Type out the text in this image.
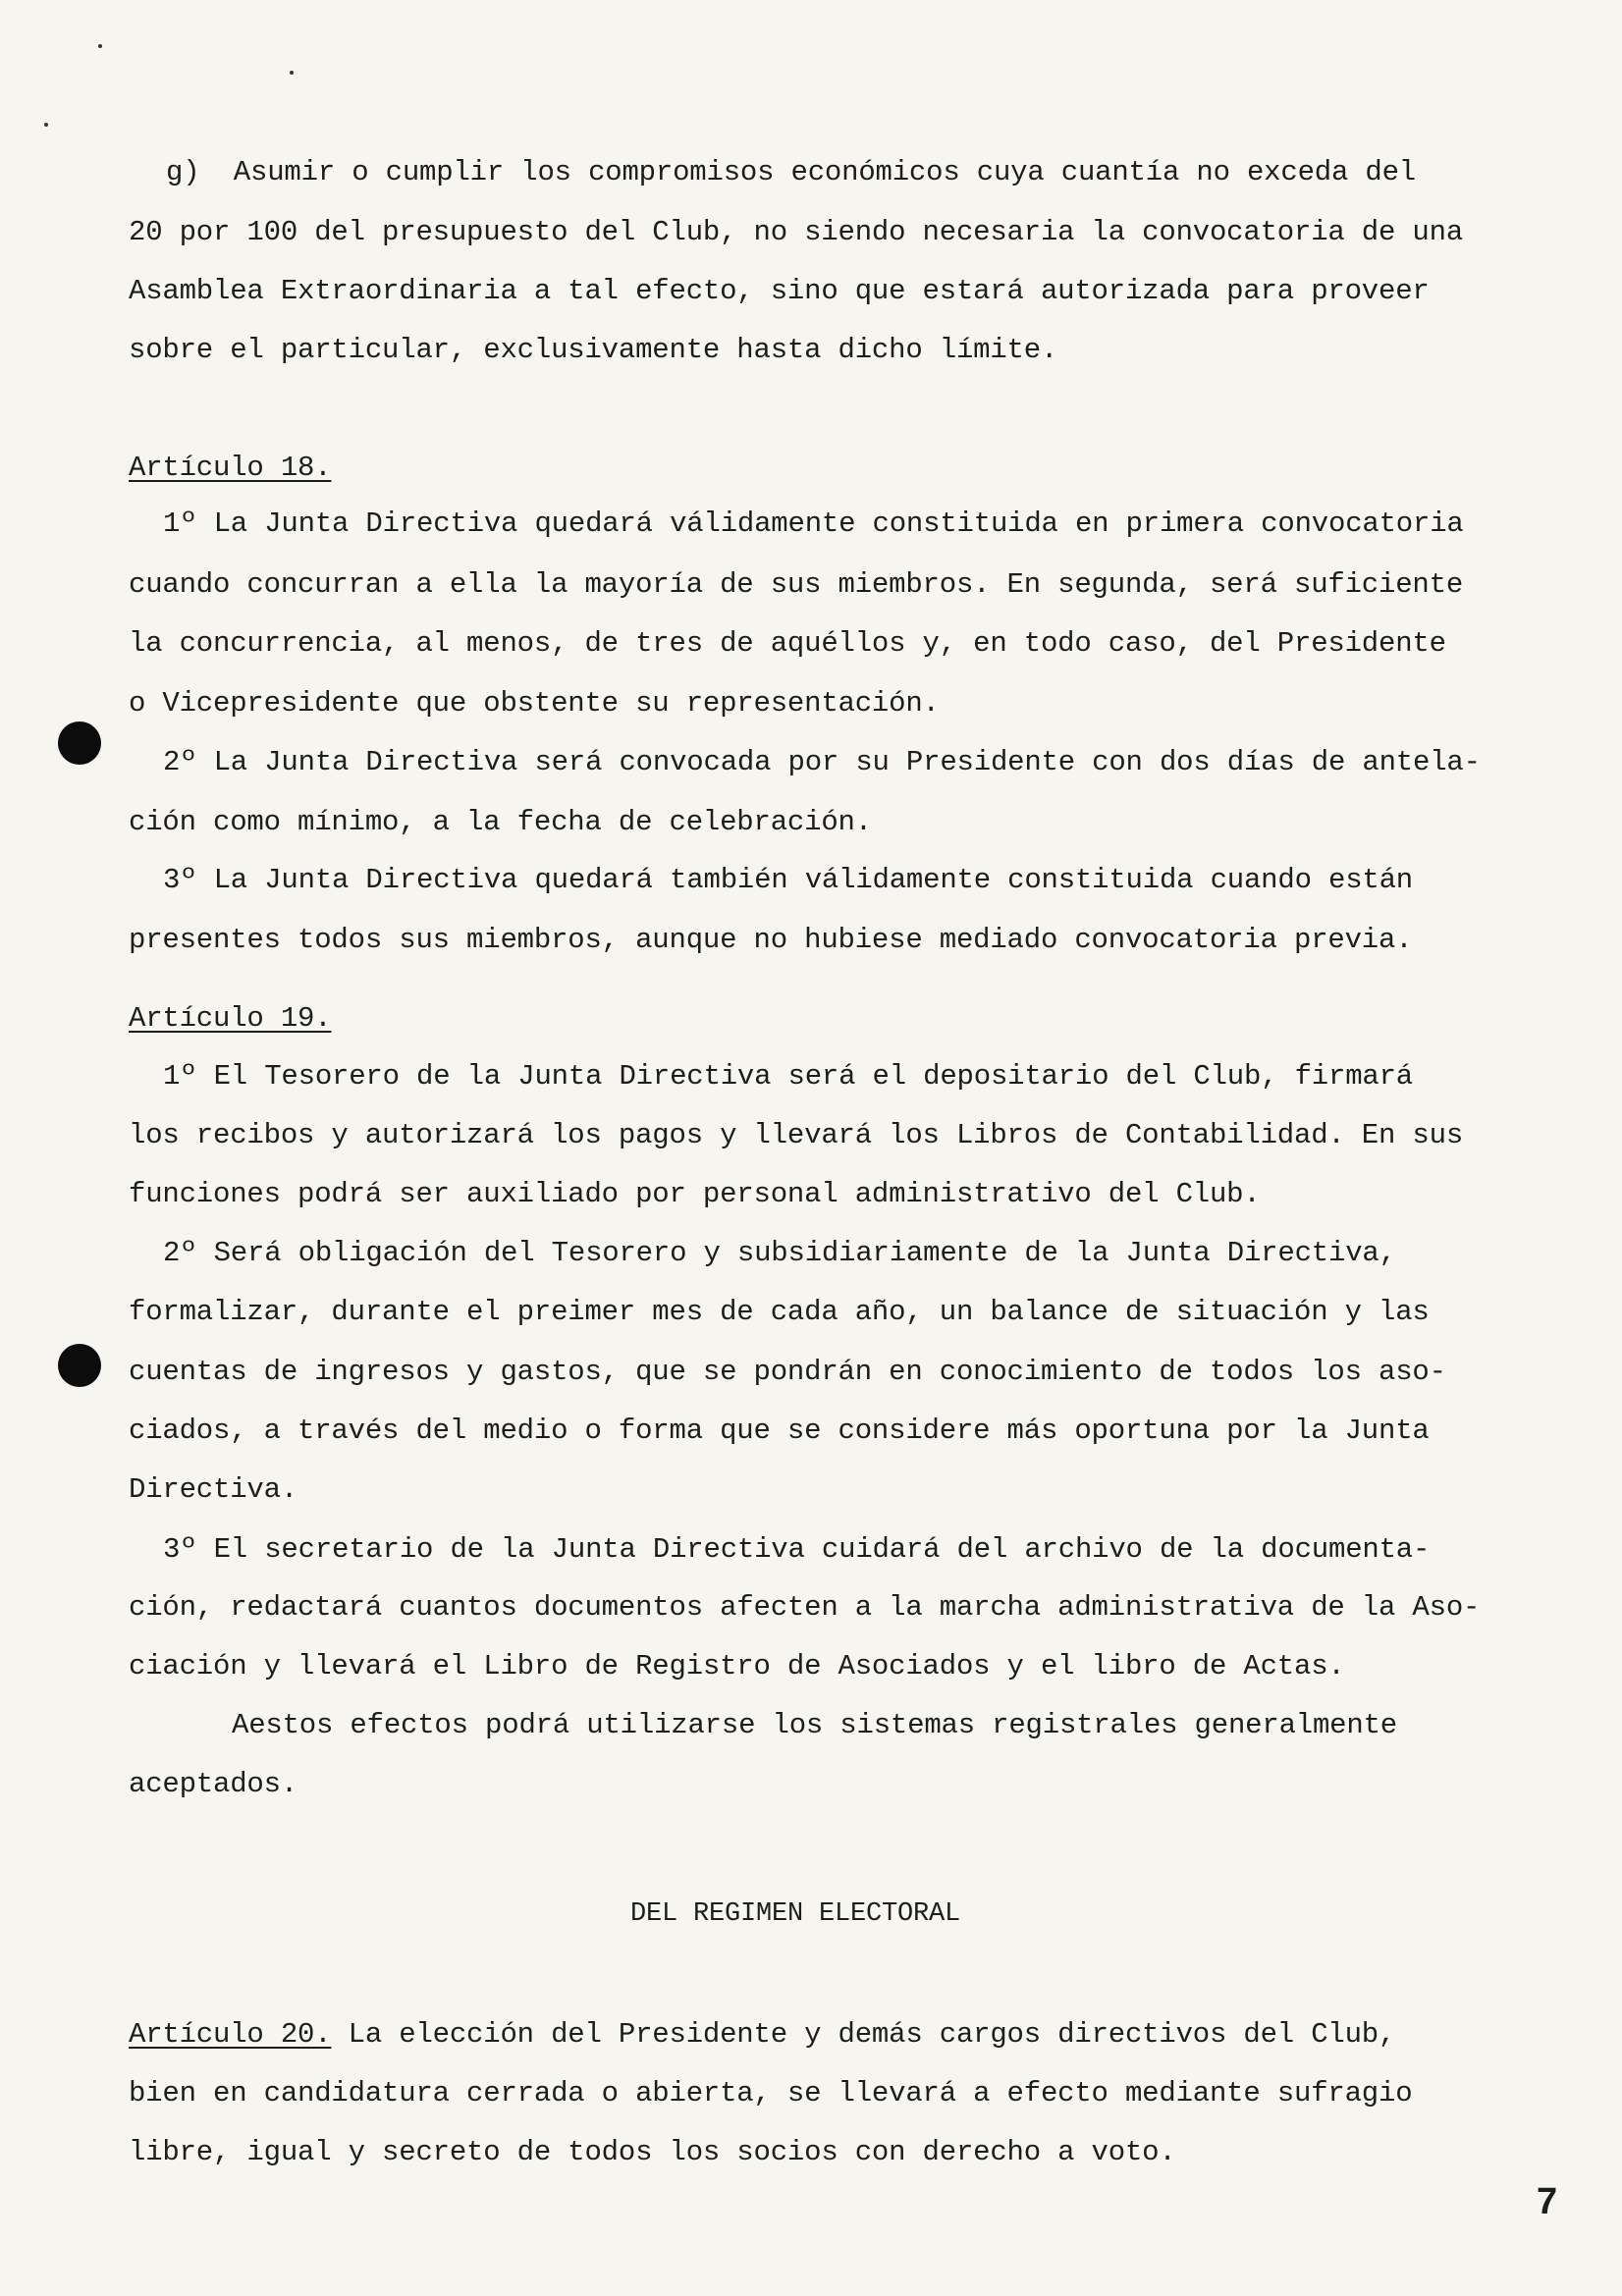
g)  Asumir o cumplir los compromisos económicos cuya cuantía no exceda del
20 por 100 del presupuesto del Club, no siendo necesaria la convocatoria de una
Asamblea Extraordinaria a tal efecto, sino que estará autorizada para proveer
sobre el particular, exclusivamente hasta dicho límite.
Artículo 18.
1º La Junta Directiva quedará válidamente constituida en primera convocatoria
cuando concurran a ella la mayoría de sus miembros. En segunda, será suficiente
la concurrencia, al menos, de tres de aquéllos y, en todo caso, del Presidente
o Vicepresidente que obstente su representación.
2º La Junta Directiva será convocada por su Presidente con dos días de antela-
ción como mínimo, a la fecha de celebración.
3º La Junta Directiva quedará también válidamente constituida cuando están
presentes todos sus miembros, aunque no hubiese mediado convocatoria previa.
Artículo 19.
1º El Tesorero de la Junta Directiva será el depositario del Club, firmará
los recibos y autorizará los pagos y llevará los Libros de Contabilidad. En sus
funciones podrá ser auxiliado por personal administrativo del Club.
2º Será obligación del Tesorero y subsidiariamente de la Junta Directiva,
formalizar, durante el preimer mes de cada año, un balance de situación y las
cuentas de ingresos y gastos, que se pondrán en conocimiento de todos los aso-
ciados, a través del medio o forma que se considere más oportuna por la Junta
Directiva.
3º El secretario de la Junta Directiva cuidará del archivo de la documenta-
ción, redactará cuantos documentos afecten a la marcha administrativa de la Aso-
ciación y llevará el Libro de Registro de Asociados y el libro de Actas.
Aestos efectos podrá utilizarse los sistemas registrales generalmente
aceptados.
DEL REGIMEN ELECTORAL
Artículo 20. La elección del Presidente y demás cargos directivos del Club,
bien en candidatura cerrada o abierta, se llevará a efecto mediante sufragio
libre, igual y secreto de todos los socios con derecho a voto.
7
